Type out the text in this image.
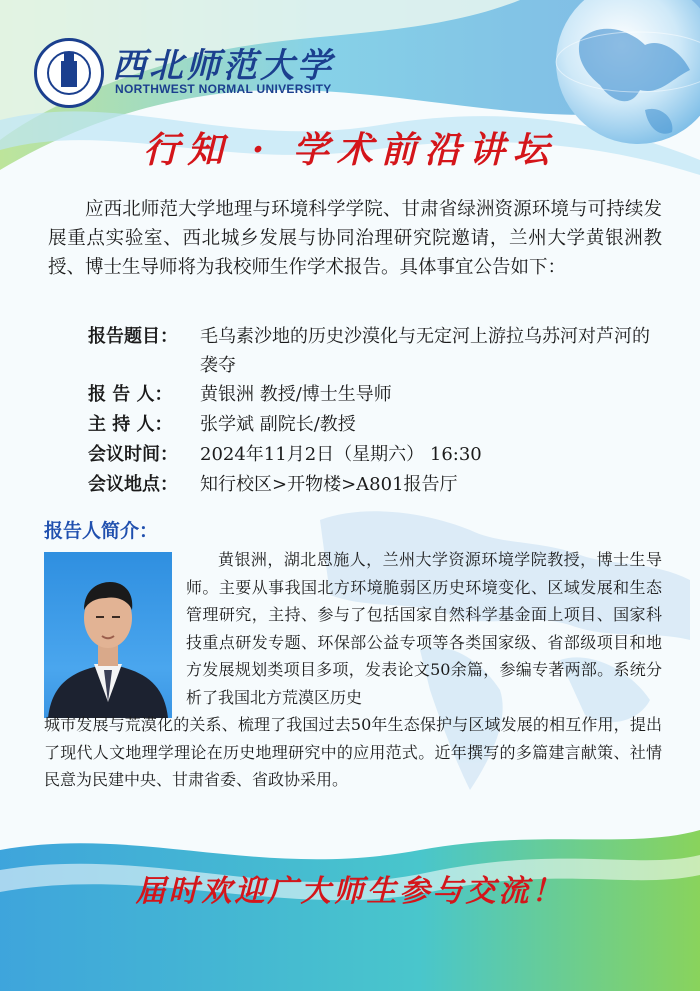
西北师范大学
NORTHWEST NORMAL UNIVERSITY
行知 · 学术前沿讲坛
应西北师范大学地理与环境科学学院、甘肃省绿洲资源环境与可持续发展重点实验室、西北城乡发展与协同治理研究院邀请，兰州大学黄银洲教授、博士生导师将为我校师生作学术报告。具体事宜公告如下：
报告题目：	毛乌素沙地的历史沙漠化与无定河上游拉乌苏河对芦河的袭夺
报 告 人：	黄银洲 教授/博士生导师
主 持 人：	张学斌 副院长/教授
会议时间：	2024年11月2日（星期六） 16:30
会议地点：	知行校区>开物楼>A801报告厅
报告人简介：
黄银洲，湖北恩施人，兰州大学资源环境学院教授，博士生导师。主要从事我国北方环境脆弱区历史环境变化、区域发展和生态管理研究，主持、参与了包括国家自然科学基金面上项目、国家科技重点研发专题、环保部公益专项等各类国家级、省部级项目和地方发展规划类项目多项，发表论文50余篇，参编专著两部。系统分析了我国北方荒漠区历史
城市发展与荒漠化的关系、梳理了我国过去50年生态保护与区域发展的相互作用，提出了现代人文地理学理论在历史地理研究中的应用范式。近年撰写的多篇建言献策、社情民意为民建中央、甘肃省委、省政协采用。
届时欢迎广大师生参与交流！
